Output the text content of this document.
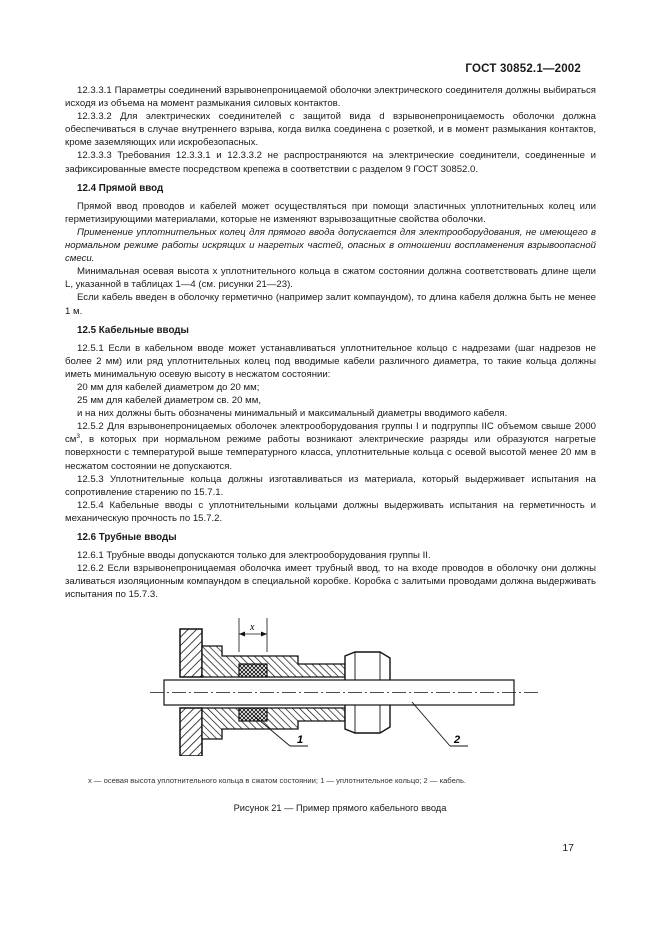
ГОСТ 30852.1—2002

12.3.3.1 Параметры соединений взрывонепроницаемой оболочки электрического соединителя должны выбираться исходя из объема на момент размыкания силовых контактов.

12.3.3.2 Для электрических соединителей с защитой вида d взрывонепроницаемость оболочки должна обеспечиваться в случае внутреннего взрыва, когда вилка соединена с розеткой, и в момент размыкания контактов, кроме заземляющих или искробезопасных.

12.3.3.3 Требования 12.3.3.1 и 12.3.3.2 не распространяются на электрические соединители, соединенные и зафиксированные вместе посредством крепежа в соответствии с разделом 9 ГОСТ 30852.0.

12.4 Прямой ввод

Прямой ввод проводов и кабелей может осуществляться при помощи эластичных уплотнительных колец или герметизирующими материалами, которые не изменяют взрывозащитные свойства оболочки.

Применение уплотнительных колец для прямого ввода допускается для электрооборудования, не имеющего в нормальном режиме работы искрящих и нагретых частей, опасных в отношении воспламенения взрывоопасной смеси.

Минимальная осевая высота x уплотнительного кольца в сжатом состоянии должна соответствовать длине щели L, указанной в таблицах 1—4 (см. рисунки 21—23).

Если кабель введен в оболочку герметично (например залит компаундом), то длина кабеля должна быть не менее 1 м.

12.5 Кабельные вводы

12.5.1 Если в кабельном вводе может устанавливаться уплотнительное кольцо с надрезами (шаг надрезов не более 2 мм) или ряд уплотнительных колец под вводимые кабели различного диаметра, то такие кольца должны иметь минимальную осевую высоту в несжатом состоянии:

20 мм для кабелей диаметром до 20 мм;

25 мм для кабелей диаметром св. 20 мм,

и на них должны быть обозначены минимальный и максимальный диаметры вводимого кабеля.

12.5.2 Для взрывонепроницаемых оболочек электрооборудования группы I и подгруппы IIC объемом свыше 2000 $см^3$, в которых при нормальном режиме работы возникают электрические разряды или образуются нагретые поверхности с температурой выше температурного класса, уплотнительные кольца с осевой высотой менее 20 мм в несжатом состоянии не допускаются.

12.5.3 Уплотнительные кольца должны изготавливаться из материала, который выдерживает испытания на сопротивление старению по 15.7.1.

12.5.4 Кабельные вводы с уплотнительными кольцами должны выдерживать испытания на герметичность и механическую прочность по 15.7.2.

12.6 Трубные вводы

12.6.1 Трубные вводы допускаются только для электрооборудования группы II.

12.6.2 Если взрывонепроницаемая оболочка имеет трубный ввод, то на входе проводов в оболочку они должны заливаться изоляционным компаундом в специальной коробке. Коробка с залитыми проводами должна выдерживать испытания по 15.7.3.

x
1	2
x — осевая высота уплотнительного кольца в сжатом состоянии; 1 — уплотнительное кольцо; 2 — кабель.
Рисунок 21 — Пример прямого кабельного ввода
17
